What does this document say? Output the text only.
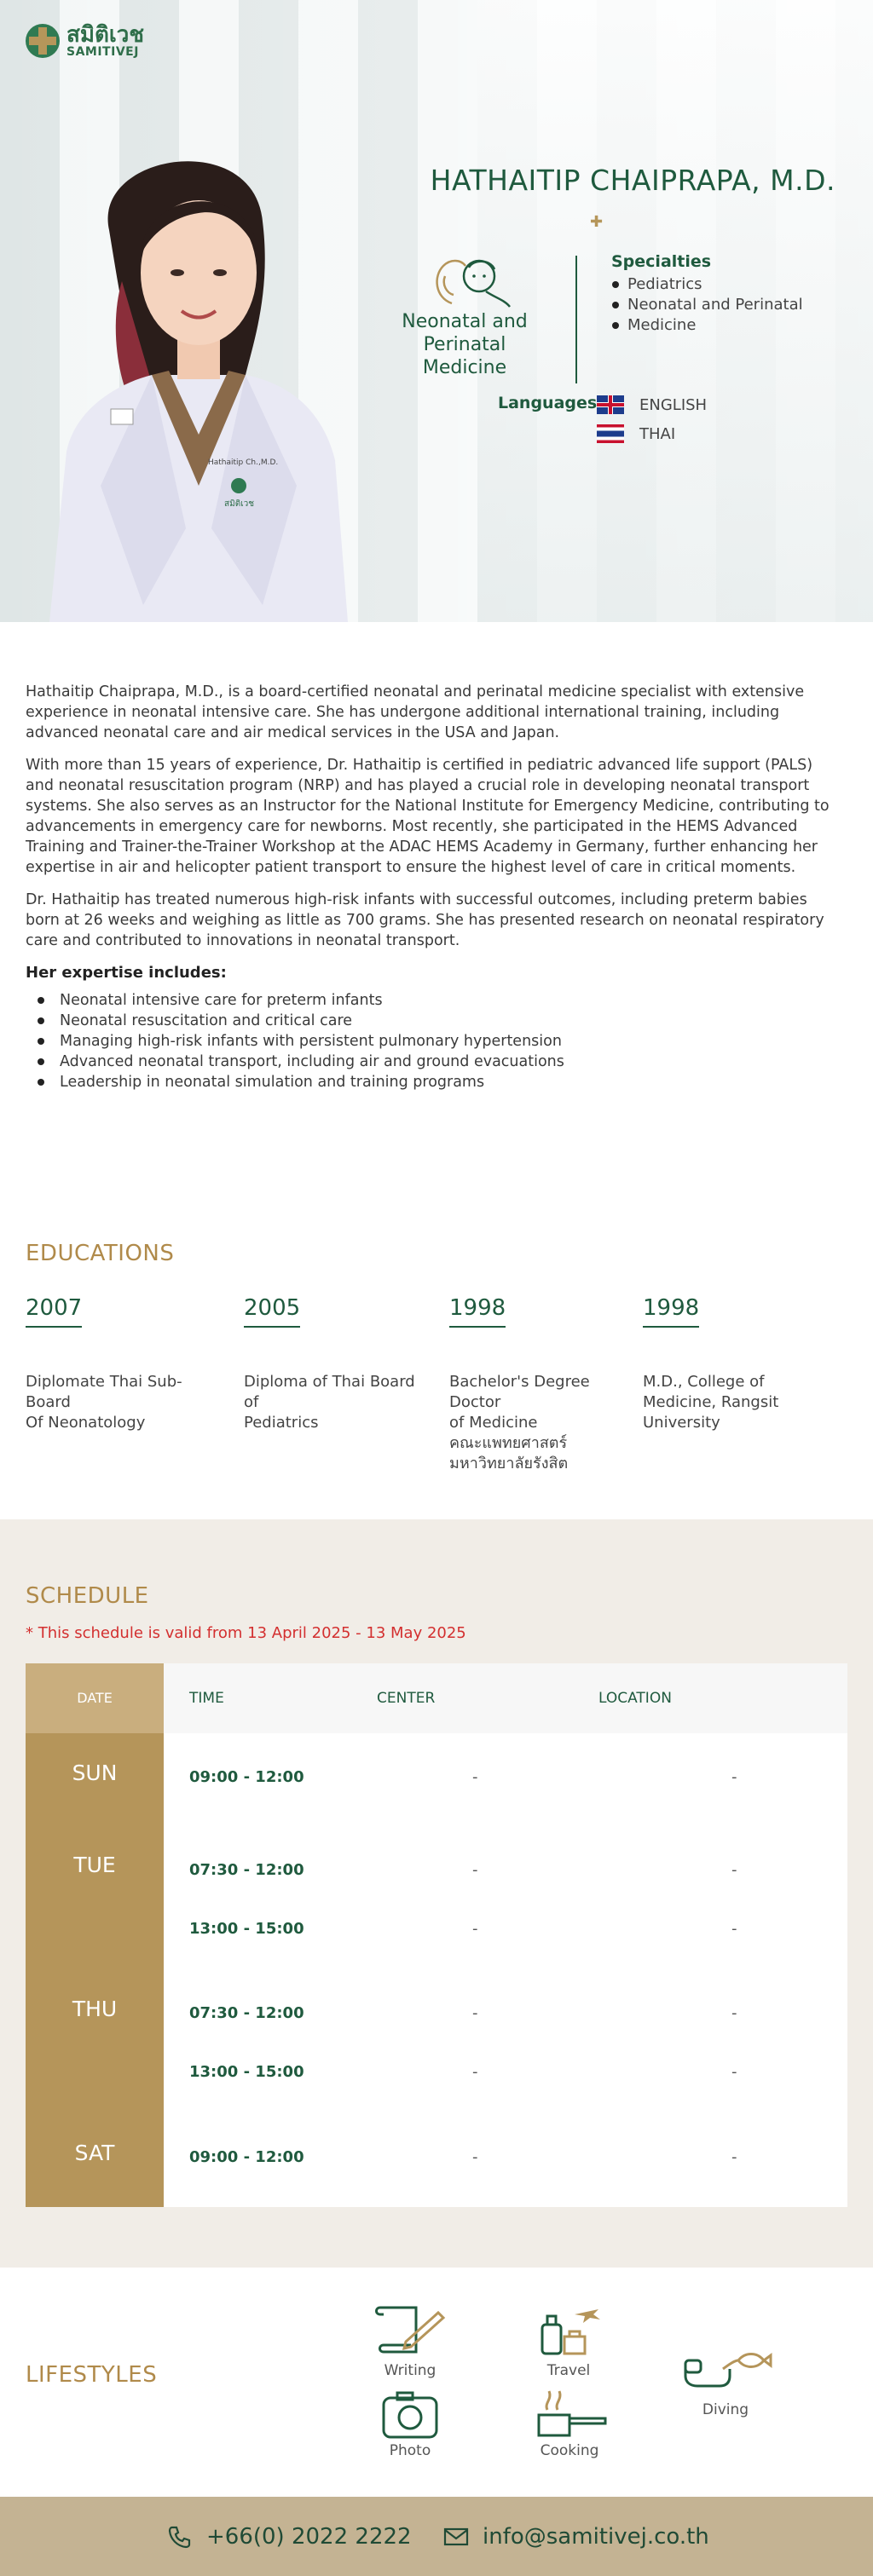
สมิติเวช
SAMITIVEJ
Hathaitip Ch.,M.D.
สมิติเวช
HATHAITIP CHAIPRAPA, M.D.
✚
Neonatal and
Perinatal
Medicine
Specialties
Pediatrics
Neonatal and Perinatal
Medicine
Languages	ENGLISH
THAI

Hathaitip Chaiprapa, M.D., is a board-certified neonatal and perinatal medicine specialist with extensive experience in neonatal intensive care. She has undergone additional international training, including advanced neonatal care and air medical services in the USA and Japan.

With more than 15 years of experience, Dr. Hathaitip is certified in pediatric advanced life support (PALS) and neonatal resuscitation program (NRP) and has played a crucial role in developing neonatal transport systems. She also serves as an Instructor for the National Institute for Emergency Medicine, contributing to advancements in emergency care for newborns. Most recently, she participated in the HEMS Advanced Training and Trainer-the-Trainer Workshop at the ADAC HEMS Academy in Germany, further enhancing her expertise in air and helicopter patient transport to ensure the highest level of care in critical moments.

Dr. Hathaitip has treated numerous high-risk infants with successful outcomes, including preterm babies born at 26 weeks and weighing as little as 700 grams. She has presented research on neonatal respiratory care and contributed to innovations in neonatal transport.

Her expertise includes:
Neonatal intensive care for preterm infants
Neonatal resuscitation and critical care
Managing high-risk infants with persistent pulmonary hypertension
Advanced neonatal transport, including air and ground evacuations
Leadership in neonatal simulation and training programs
EDUCATIONS
2007
Diplomate Thai Sub-
Board
Of Neonatology
2005
Diploma of Thai Board
of
Pediatrics
1998
Bachelor's Degree Doctor
of Medicine
คณะแพทยศาสตร์
มหาวิทยาลัยรังสิต
1998
M.D., College of
Medicine, Rangsit
University
SCHEDULE
* This schedule is valid from 13 April 2025 - 13 May 2025
DATE	TIME	CENTER	LOCATION
SUN	09:00 - 12:00	-	-
TUE	07:30 - 12:00	-	-
13:00 - 15:00	-	-
THU	07:30 - 12:00	-	-
13:00 - 15:00	-	-
SAT	09:00 - 12:00	-	-
LIFESTYLES	Writing	Travel
Diving
Photo	Cooking
+66(0) 2022 2222	info@samitivej.co.th
